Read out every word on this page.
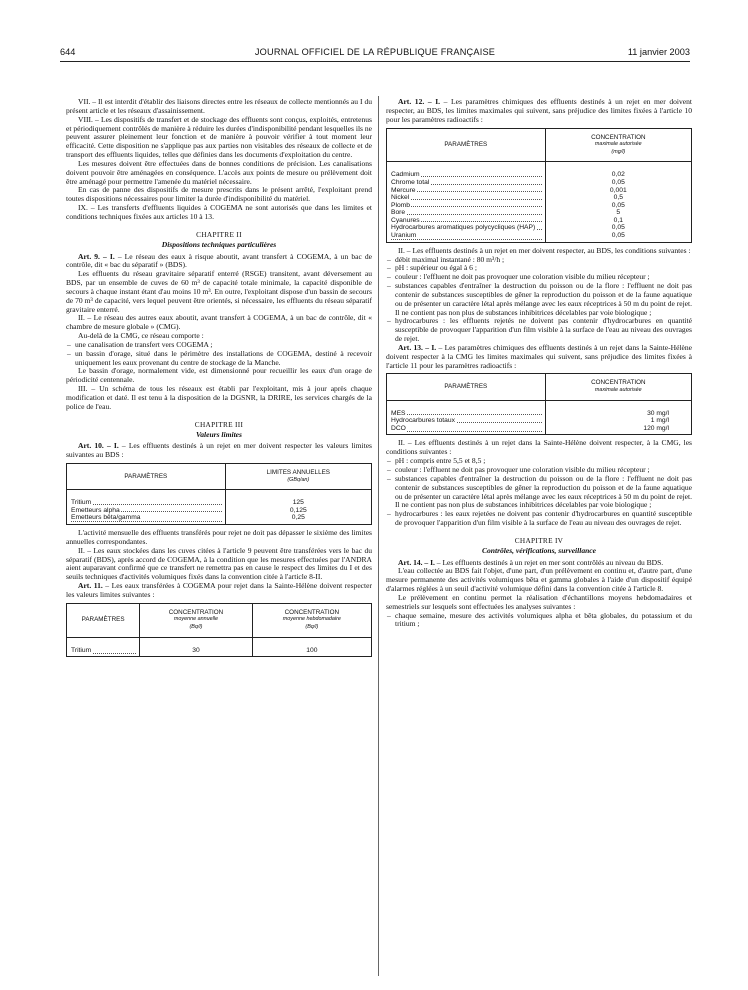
644	JOURNAL OFFICIEL DE LA RÉPUBLIQUE FRANÇAISE	11 janvier 2003

VII. – Il est interdit d'établir des liaisons directes entre les réseaux de collecte mentionnés au I du présent article et les réseaux d'assainissement.

VIII. – Les dispositifs de transfert et de stockage des effluents sont conçus, exploités, entretenus et périodiquement contrôlés de manière à réduire les durées d'indisponibilité pendant lesquelles ils ne peuvent assurer pleinement leur fonction et de manière à pouvoir vérifier à tout moment leur efficacité. Cette disposition ne s'applique pas aux parties non visitables des réseaux de collecte et de transport des effluents liquides, telles que définies dans les documents d'exploitation du centre.

Les mesures doivent être effectuées dans de bonnes conditions de précision. Les canalisations doivent pouvoir être aménagées en conséquence. L'accès aux points de mesure ou prélèvement doit être aménagé pour permettre l'amenée du matériel nécessaire.

En cas de panne des dispositifs de mesure prescrits dans le présent arrêté, l'exploitant prend toutes dispositions nécessaires pour limiter la durée d'indisponibilité du matériel.

IX. – Les transferts d'effluents liquides à COGEMA ne sont autorisés que dans les limites et conditions techniques fixées aux articles 10 à 13.

CHAPITRE II

Dispositions techniques particulières

Art. 9. – I. – Le réseau des eaux à risque aboutit, avant transfert à COGEMA, à un bac de contrôle, dit « bac du séparatif » (BDS).

Les effluents du réseau gravitaire séparatif enterré (RSGE) transitent, avant déversement au BDS, par un ensemble de cuves de 60 m³ de capacité totale minimale, la capacité disponible de secours à chaque instant étant d'au moins 10 m³. En outre, l'exploitant dispose d'un bassin de secours de 70 m³ de capacité, vers lequel peuvent être orientés, si nécessaire, les effluents du réseau séparatif gravitaire enterré.

II. – Le réseau des autres eaux aboutit, avant transfert à COGEMA, à un bac de contrôle, dit « chambre de mesure globale » (CMG).

Au-delà de la CMG, ce réseau comporte :

– une canalisation de transfert vers COGEMA ;
– un bassin d'orage, situé dans le périmètre des installations de COGEMA, destiné à recevoir uniquement les eaux provenant du centre de stockage de la Manche.

Le bassin d'orage, normalement vide, est dimensionné pour recueillir les eaux d'un orage de périodicité centennale.

III. – Un schéma de tous les réseaux est établi par l'exploitant, mis à jour après chaque modification et daté. Il est tenu à la disposition de la DGSNR, la DRIRE, les services chargés de la police de l'eau.

CHAPITRE III

Valeurs limites

Art. 10. – I. – Les effluents destinés à un rejet en mer doivent respecter les valeurs limites suivantes au BDS :

PARAMÈTRES	LIMITES ANNUELLES
(GBq/an)

Tritium	125
Emetteurs alpha	0,125
Emetteurs bêta/gamma	0,25

L'activité mensuelle des effluents transférés pour rejet ne doit pas dépasser le sixième des limites annuelles correspondantes.

II. – Les eaux stockées dans les cuves citées à l'article 9 peuvent être transférées vers le bac du séparatif (BDS), après accord de COGEMA, à la condition que les mesures effectuées par l'ANDRA aient auparavant confirmé que ce transfert ne remettra pas en cause le respect des limites du I et des seuils techniques d'activités volumiques fixés dans la convention citée à l'article 8-II.

Art. 11. – Les eaux transférées à COGEMA pour rejet dans la Sainte-Hélène doivent respecter les valeurs limites suivantes :

PARAMÈTRES	CONCENTRATION
moyenne annuelle
(Bq/l)	CONCENTRATION
moyenne hebdomadaire
(Bq/l)

Tritium	30	100

Art. 12. – I. – Les paramètres chimiques des effluents destinés à un rejet en mer doivent respecter, au BDS, les limites maximales qui suivent, sans préjudice des limites fixées à l'article 10 pour les paramètres radioactifs :

PARAMÈTRES	CONCENTRATION
maximale autorisée
(mg/l)

Cadmium	0,02
Chrome total	0,05
Mercure	0,001
Nickel	0,5
Plomb	0,05
Bore	5
Cyanures	0,1
Hydrocarbures aromatiques polycycliques (HAP)	0,05
Uranium	0,05

II. – Les effluents destinés à un rejet en mer doivent respecter, au BDS, les conditions suivantes :

– débit maximal instantané : 80 m³/h ;
– pH : supérieur ou égal à 6 ;
– couleur : l'effluent ne doit pas provoquer une coloration visible du milieu récepteur ;
– substances capables d'entraîner la destruction du poisson ou de la flore : l'effluent ne doit pas contenir de substances susceptibles de gêner la reproduction du poisson et de la faune aquatique ou de présenter un caractère létal après mélange avec les eaux réceptrices à 50 m du point de rejet. Il ne contient pas non plus de substances inhibitrices décelables par voie biologique ;
– hydrocarbures : les effluents rejetés ne doivent pas contenir d'hydrocarbures en quantité susceptible de provoquer l'apparition d'un film visible à la surface de l'eau au niveau des ouvrages de rejet.

Art. 13. – I. – Les paramètres chimiques des effluents destinés à un rejet dans la Sainte-Hélène doivent respecter à la CMG les limites maximales qui suivent, sans préjudice des limites fixées à l'article 11 pour les paramètres radioactifs :

PARAMÈTRES	CONCENTRATION
maximale autorisée

MES	30 mg/l
Hydrocarbures totaux	1 mg/l
DCO	120 mg/l

II. – Les effluents destinés à un rejet dans la Sainte-Hélène doivent respecter, à la CMG, les conditions suivantes :

– pH : compris entre 5,5 et 8,5 ;
– couleur : l'effluent ne doit pas provoquer une coloration visible du milieu récepteur ;
– substances capables d'entraîner la destruction du poisson ou de la flore : l'effluent ne doit pas contenir de substances susceptibles de gêner la reproduction du poisson et de la faune aquatique ou de présenter un caractère létal après mélange avec les eaux réceptrices à 50 m du point de rejet. Il ne contient pas non plus de substances inhibitrices décelables par voie biologique ;
– hydrocarbures : les eaux rejetées ne doivent pas contenir d'hydrocarbures en quantité susceptible de provoquer l'apparition d'un film visible à la surface de l'eau au niveau des ouvrages de rejet.

CHAPITRE IV

Contrôles, vérifications, surveillance

Art. 14. – I. – Les effluents destinés à un rejet en mer sont contrôlés au niveau du BDS.

L'eau collectée au BDS fait l'objet, d'une part, d'un prélèvement en continu et, d'autre part, d'une mesure permanente des activités volumiques bêta et gamma globales à l'aide d'un dispositif équipé d'alarmes réglées à un seuil d'activité volumique défini dans la convention citée à l'article 8.

Le prélèvement en continu permet la réalisation d'échantillons moyens hebdomadaires et semestriels sur lesquels sont effectuées les analyses suivantes :

– chaque semaine, mesure des activités volumiques alpha et bêta globales, du potassium et du tritium ;
